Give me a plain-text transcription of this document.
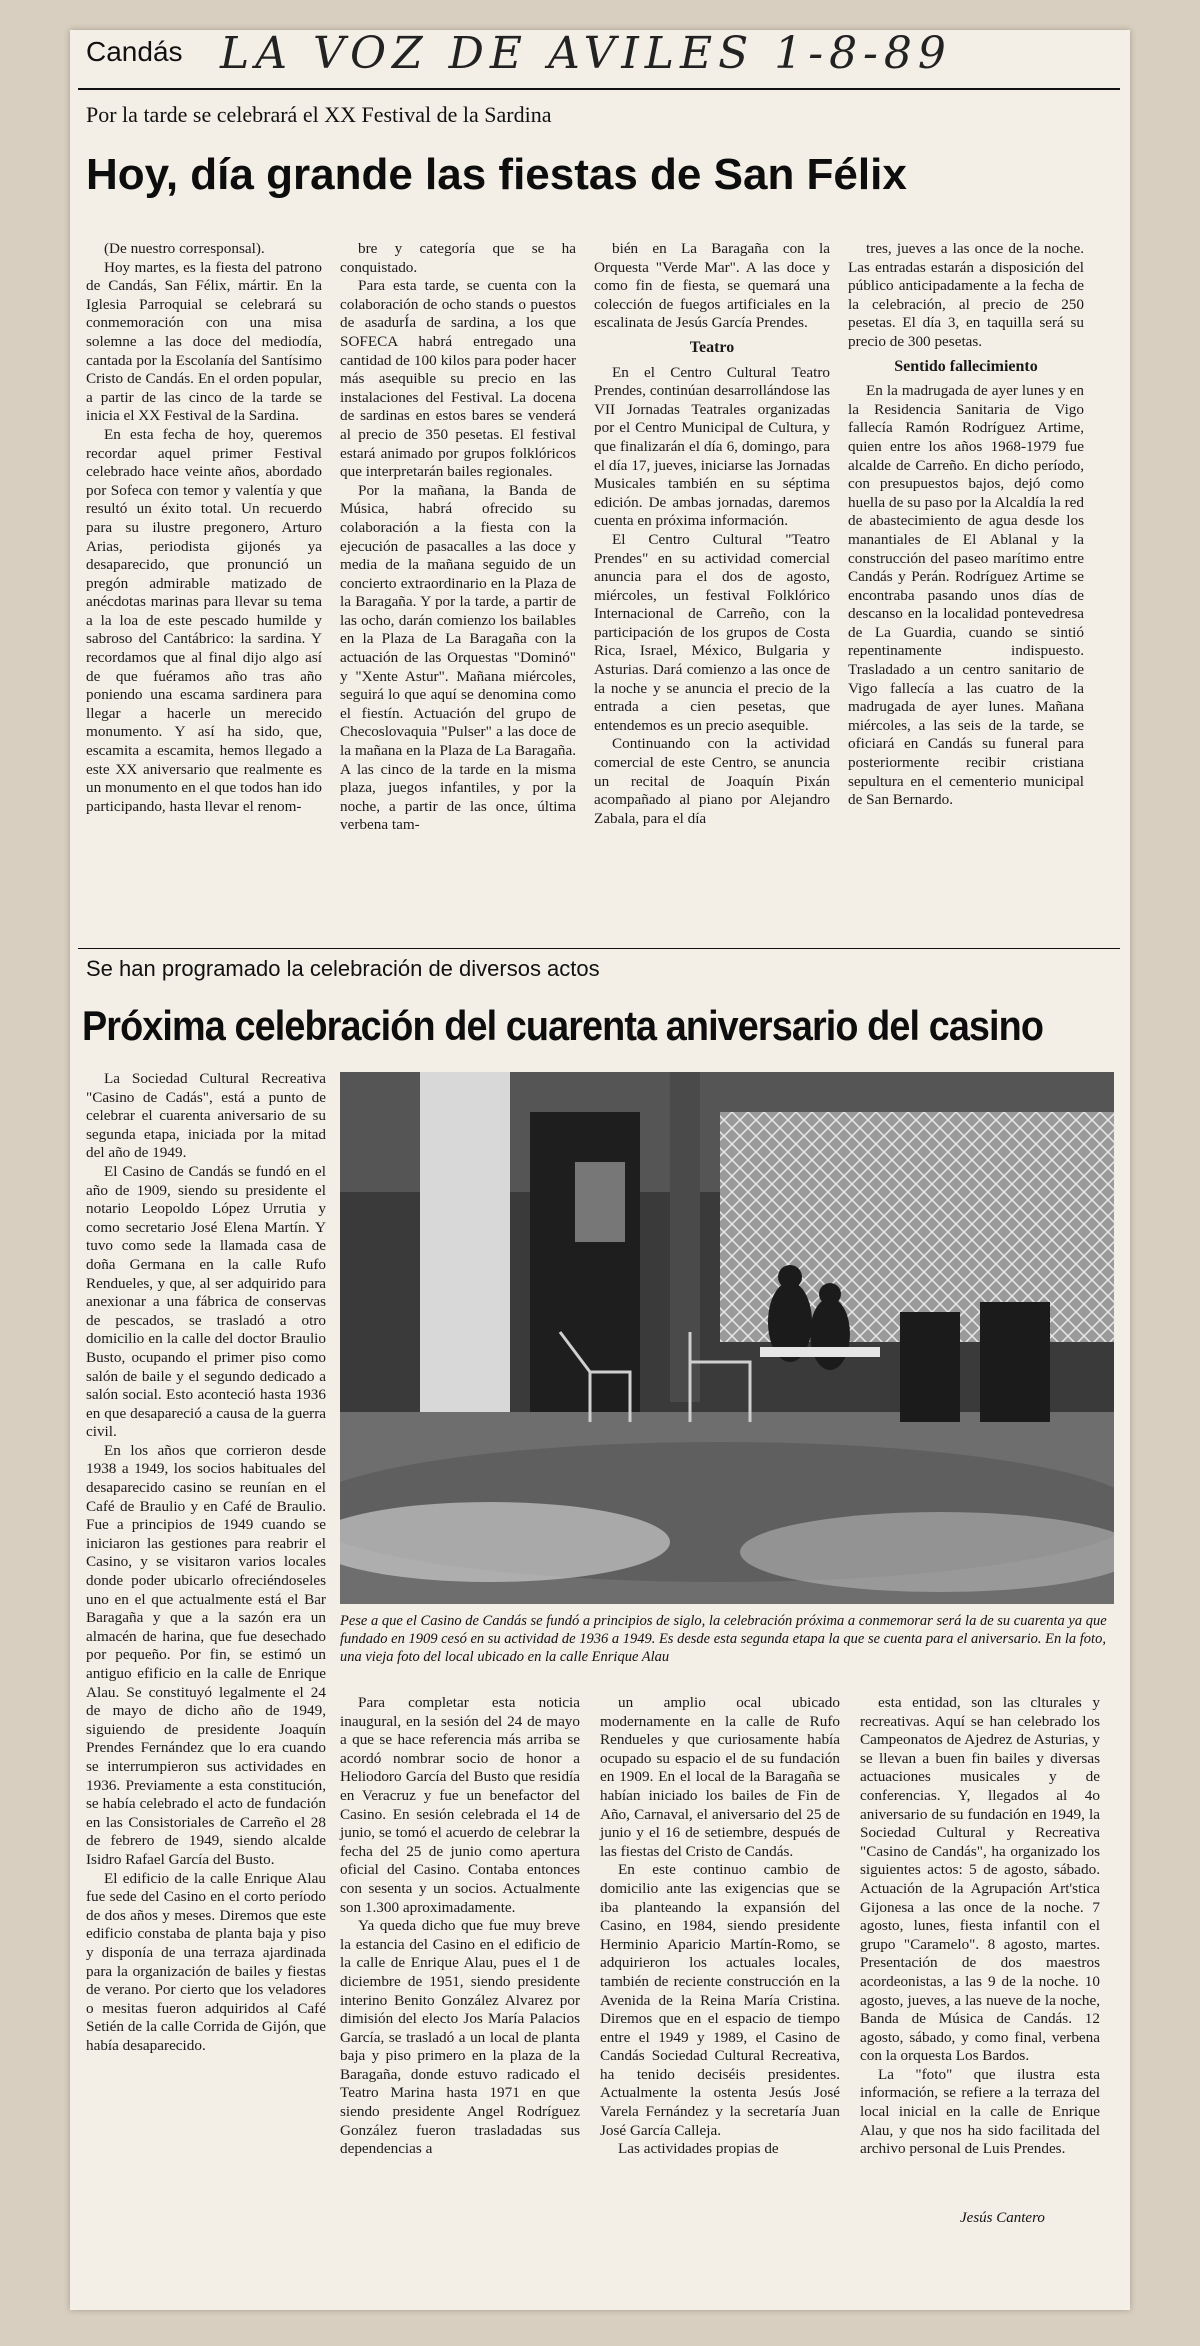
Candás LA VOZ DE AVILES 1-8-89
Por la tarde se celebrará el XX Festival de la Sardina
Hoy, día grande las fiestas de San Félix

(De nuestro corresponsal).

Hoy martes, es la fiesta del patrono de Candás, San Félix, mártir. En la Iglesia Parroquial se celebrará su conmemoración con una misa solemne a las doce del mediodía, cantada por la Escolanía del Santísimo Cristo de Candás. En el orden popular, a partir de las cinco de la tarde se inicia el XX Festival de la Sardina.

En esta fecha de hoy, queremos recordar aquel primer Festival celebrado hace veinte años, abordado por Sofeca con temor y valentía y que resultó un éxito total. Un recuerdo para su ilustre pregonero, Arturo Arias, periodista gijonés ya desaparecido, que pronunció un pregón admirable matizado de anécdotas marinas para llevar su tema a la loa de este pescado humilde y sabroso del Cantábrico: la sardina. Y recordamos que al final dijo algo así de que fuéramos año tras año poniendo una escama sardinera para llegar a hacerle un merecido monumento. Y así ha sido, que, escamita a escamita, hemos llegado a este XX aniversario que realmente es un monumento en el que todos han ido participando, hasta llevar el renom-

bre y categoría que se ha conquistado.

Para esta tarde, se cuenta con la colaboración de ocho stands o puestos de asadurÍa de sardina, a los que SOFECA habrá entregado una cantidad de 100 kilos para poder hacer más asequible su precio en las instalaciones del Festival. La docena de sardinas en estos bares se venderá al precio de 350 pesetas. El festival estará animado por grupos folklóricos que interpretarán bailes regionales.

Por la mañana, la Banda de Música, habrá ofrecido su colaboración a la fiesta con la ejecución de pasacalles a las doce y media de la mañana seguido de un concierto extraordinario en la Plaza de la Baragaña. Y por la tarde, a partir de las ocho, darán comienzo los bailables en la Plaza de La Baragaña con la actuación de las Orquestas "Dominó" y "Xente Astur". Mañana miércoles, seguirá lo que aquí se denomina como el fiestín. Actuación del grupo de Checoslovaquia "Pulser" a las doce de la mañana en la Plaza de La Baragaña. A las cinco de la tarde en la misma plaza, juegos infantiles, y por la noche, a partir de las once, última verbena tam-

bién en La Baragaña con la Orquesta "Verde Mar". A las doce y como fin de fiesta, se quemará una colección de fuegos artificiales en la escalinata de Jesús García Prendes.

Teatro

En el Centro Cultural Teatro Prendes, continúan desarrollándose las VII Jornadas Teatrales organizadas por el Centro Municipal de Cultura, y que finalizarán el día 6, domingo, para el día 17, jueves, iniciarse las Jornadas Musicales también en su séptima edición. De ambas jornadas, daremos cuenta en próxima información.

El Centro Cultural "Teatro Prendes" en su actividad comercial anuncia para el dos de agosto, miércoles, un festival Folklórico Internacional de Carreño, con la participación de los grupos de Costa Rica, Israel, México, Bulgaria y Asturias. Dará comienzo a las once de la noche y se anuncia el precio de la entrada a cien pesetas, que entendemos es un precio asequible.

Continuando con la actividad comercial de este Centro, se anuncia un recital de Joaquín Pixán acompañado al piano por Alejandro Zabala, para el día

tres, jueves a las once de la noche. Las entradas estarán a disposición del público anticipadamente a la fecha de la celebración, al precio de 250 pesetas. El día 3, en taquilla será su precio de 300 pesetas.

Sentido fallecimiento

En la madrugada de ayer lunes y en la Residencia Sanitaria de Vigo fallecía Ramón Rodríguez Artime, quien entre los años 1968-1979 fue alcalde de Carreño. En dicho período, con presupuestos bajos, dejó como huella de su paso por la Alcaldía la red de abastecimiento de agua desde los manantiales de El Ablanal y la construcción del paseo marítimo entre Candás y Perán. Rodríguez Artime se encontraba pasando unos días de descanso en la localidad pontevedresa de La Guardia, cuando se sintió repentinamente indispuesto. Trasladado a un centro sanitario de Vigo fallecía a las cuatro de la madrugada de ayer lunes. Mañana miércoles, a las seis de la tarde, se oficiará en Candás su funeral para posteriormente recibir cristiana sepultura en el cementerio municipal de San Bernardo.

Se han programado la celebración de diversos actos
Próxima celebración del cuarenta aniversario del casino

La Sociedad Cultural Recreativa "Casino de Cadás", está a punto de celebrar el cuarenta aniversario de su segunda etapa, iniciada por la mitad del año de 1949.

El Casino de Candás se fundó en el año de 1909, siendo su presidente el notario Leopoldo López Urrutia y como secretario José Elena Martín. Y tuvo como sede la llamada casa de doña Germana en la calle Rufo Rendueles, y que, al ser adquirido para anexionar a una fábrica de conservas de pescados, se trasladó a otro domicilio en la calle del doctor Braulio Busto, ocupando el primer piso como salón de baile y el segundo dedicado a salón social. Esto aconteció hasta 1936 en que desapareció a causa de la guerra civil.

En los años que corrieron desde 1938 a 1949, los socios habituales del desaparecido casino se reunían en el Café de Braulio y en Café de Braulio. Fue a principios de 1949 cuando se iniciaron las gestiones para reabrir el Casino, y se visitaron varios locales donde poder ubicarlo ofreciéndoseles uno en el que actualmente está el Bar Baragaña y que a la sazón era un almacén de harina, que fue desechado por pequeño. Por fin, se estimó un antiguo efificio en la calle de Enrique Alau. Se constituyó legalmente el 24 de mayo de dicho año de 1949, siguiendo de presidente Joaquín Prendes Fernández que lo era cuando se interrumpieron sus actividades en 1936. Previamente a esta constitución, se había celebrado el acto de fundación en las Consistoriales de Carreño el 28 de febrero de 1949, siendo alcalde Isidro Rafael García del Busto.

El edificio de la calle Enrique Alau fue sede del Casino en el corto período de dos años y meses. Diremos que este edificio constaba de planta baja y piso y disponía de una terraza ajardinada para la organización de bailes y fiestas de verano. Por cierto que los veladores o mesitas fueron adquiridos al Café Setién de la calle Corrida de Gijón, que había desaparecido.

Pese a que el Casino de Candás se fundó a principios de siglo, la celebración próxima a conmemorar será la de su cuarenta ya que fundado en 1909 cesó en su actividad de 1936 a 1949. Es desde esta segunda etapa la que se cuenta para el aniversario. En la foto, una vieja foto del local ubicado en la calle Enrique Alau

Para completar esta noticia inaugural, en la sesión del 24 de mayo a que se hace referencia más arriba se acordó nombrar socio de honor a Heliodoro García del Busto que residía en Veracruz y fue un benefactor del Casino. En sesión celebrada el 14 de junio, se tomó el acuerdo de celebrar la fecha del 25 de junio como apertura oficial del Casino. Contaba entonces con sesenta y un socios. Actualmente son 1.300 aproximadamente.

Ya queda dicho que fue muy breve la estancia del Casino en el edificio de la calle de Enrique Alau, pues el 1 de diciembre de 1951, siendo presidente interino Benito González Alvarez por dimisión del electo Jos María Palacios García, se trasladó a un local de planta baja y piso primero en la plaza de la Baragaña, donde estuvo radicado el Teatro Marina hasta 1971 en que siendo presidente Angel Rodríguez González fueron trasladadas sus dependencias a

un amplio ocal ubicado modernamente en la calle de Rufo Rendueles y que curiosamente había ocupado su espacio el de su fundación en 1909. En el local de la Baragaña se habían iniciado los bailes de Fin de Año, Carnaval, el aniversario del 25 de junio y el 16 de setiembre, después de las fiestas del Cristo de Candás.

En este continuo cambio de domicilio ante las exigencias que se iba planteando la expansión del Casino, en 1984, siendo presidente Herminio Aparicio Martín-Romo, se adquirieron los actuales locales, también de reciente construcción en la Avenida de la Reina María Cristina. Diremos que en el espacio de tiempo entre el 1949 y 1989, el Casino de Candás Sociedad Cultural Recreativa, ha tenido deciséis presidentes. Actualmente la ostenta Jesús José Varela Fernández y la secretaría Juan José García Calleja.

Las actividades propias de

esta entidad, son las clturales y recreativas. Aquí se han celebrado los Campeonatos de Ajedrez de Asturias, y se llevan a buen fin bailes y diversas actuaciones musicales y de conferencias. Y, llegados al 4o aniversario de su fundación en 1949, la Sociedad Cultural y Recreativa "Casino de Candás", ha organizado los siguientes actos: 5 de agosto, sábado. Actuación de la Agrupación Art'stica Gijonesa a las once de la noche. 7 agosto, lunes, fiesta infantil con el grupo "Caramelo". 8 agosto, martes. Presentación de dos maestros acordeonistas, a las 9 de la noche. 10 agosto, jueves, a las nueve de la noche, Banda de Música de Candás. 12 agosto, sábado, y como final, verbena con la orquesta Los Bardos.

La "foto" que ilustra esta información, se refiere a la terraza del local inicial en la calle de Enrique Alau, y que nos ha sido facilitada del archivo personal de Luis Prendes.

Jesús Cantero
